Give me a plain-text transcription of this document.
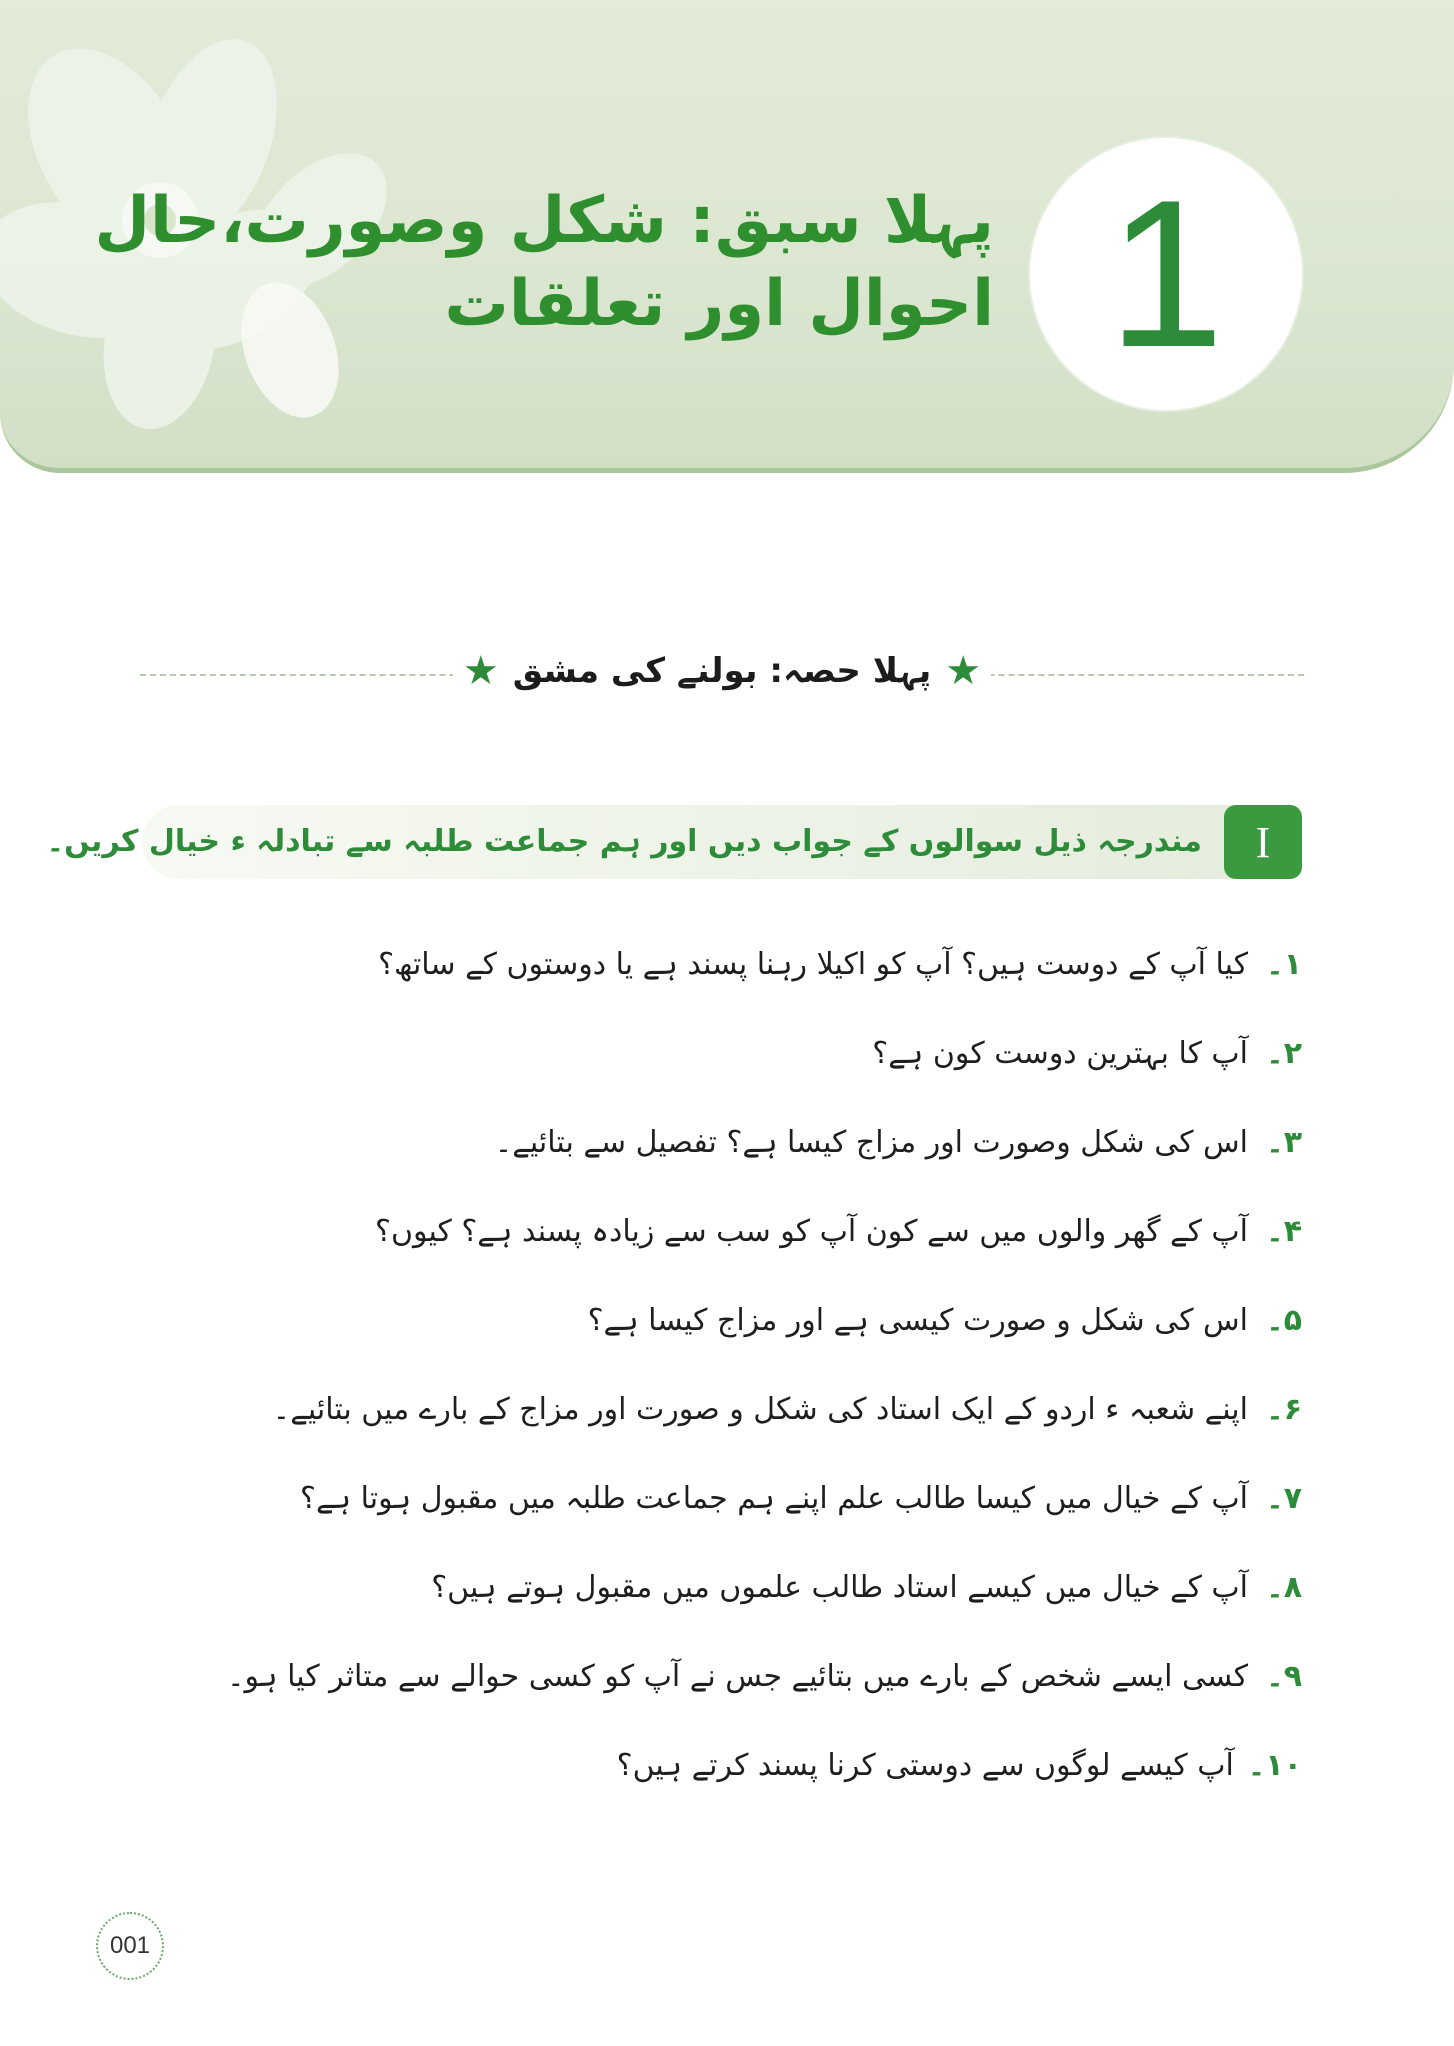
پہلا سبق: شکل وصورت،حال
احوال اور تعلقات 1
★
پہلا حصہ: بولنے کی مشق
★
I
مندرجہ ذیل سوالوں کے جواب دیں اور ہم جماعت طلبہ سے تبادلہ ء خیال کریں۔
۱۔
کیا آپ کے دوست ہیں؟ آپ کو اکیلا رہنا پسند ہے یا دوستوں کے ساتھ؟
۲۔
آپ کا بہترین دوست کون ہے؟
۳۔
اس کی شکل وصورت اور مزاج کیسا ہے؟ تفصیل سے بتائیے۔
۴۔
آپ کے گھر والوں میں سے کون آپ کو سب سے زیادہ پسند ہے؟ کیوں؟
۵۔
اس کی شکل و صورت کیسی ہے اور مزاج کیسا ہے؟
۶۔
اپنے شعبہ ء اردو کے ایک استاد کی شکل و صورت اور مزاج کے بارے میں بتائیے۔
۷۔
آپ کے خیال میں کیسا طالب علم اپنے ہم جماعت طلبہ میں مقبول ہوتا ہے؟
۸۔
آپ کے خیال میں کیسے استاد طالب علموں میں مقبول ہوتے ہیں؟
۹۔
کسی ایسے شخص کے بارے میں بتائیے جس نے آپ کو کسی حوالے سے متاثر کیا ہو۔
۱۰۔
آپ کیسے لوگوں سے دوستی کرنا پسند کرتے ہیں؟
001
